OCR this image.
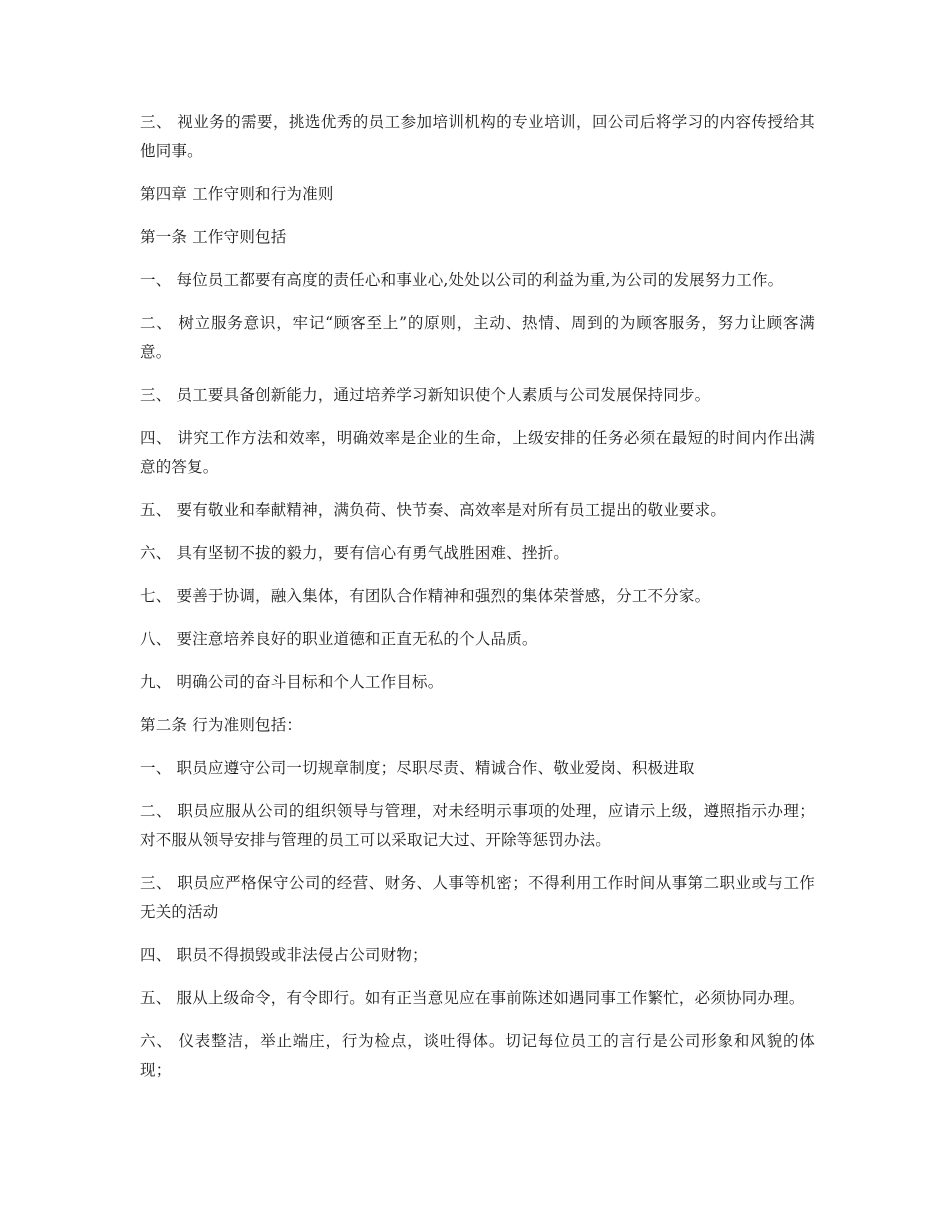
三、 视业务的需要，挑选优秀的员工参加培训机构的专业培训，回公司后将学习的内容传授给其他同事。

第四章 工作守则和行为准则

第一条 工作守则包括

一、 每位员工都要有高度的责任心和事业心,处处以公司的利益为重,为公司的发展努力工作。

二、 树立服务意识，牢记“顾客至上”的原则，主动、热情、周到的为顾客服务，努力让顾客满意。

三、 员工要具备创新能力，通过培养学习新知识使个人素质与公司发展保持同步。

四、 讲究工作方法和效率，明确效率是企业的生命，上级安排的任务必须在最短的时间内作出满意的答复。

五、 要有敬业和奉献精神，满负荷、快节奏、高效率是对所有员工提出的敬业要求。

六、 具有坚韧不拔的毅力，要有信心有勇气战胜困难、挫折。

七、 要善于协调，融入集体，有团队合作精神和强烈的集体荣誉感，分工不分家。

八、 要注意培养良好的职业道德和正直无私的个人品质。

九、 明确公司的奋斗目标和个人工作目标。

第二条 行为准则包括：

一、 职员应遵守公司一切规章制度；尽职尽责、精诚合作、敬业爱岗、积极进取

二、 职员应服从公司的组织领导与管理，对未经明示事项的处理，应请示上级，遵照指示办理；对不服从领导安排与管理的员工可以采取记大过、开除等惩罚办法。

三、 职员应严格保守公司的经营、财务、人事等机密；不得利用工作时间从事第二职业或与工作无关的活动

四、 职员不得损毁或非法侵占公司财物；

五、 服从上级命令，有令即行。如有正当意见应在事前陈述如遇同事工作繁忙，必须协同办理。

六、 仪表整洁，举止端庄，行为检点，谈吐得体。切记每位员工的言行是公司形象和风貌的体现；
